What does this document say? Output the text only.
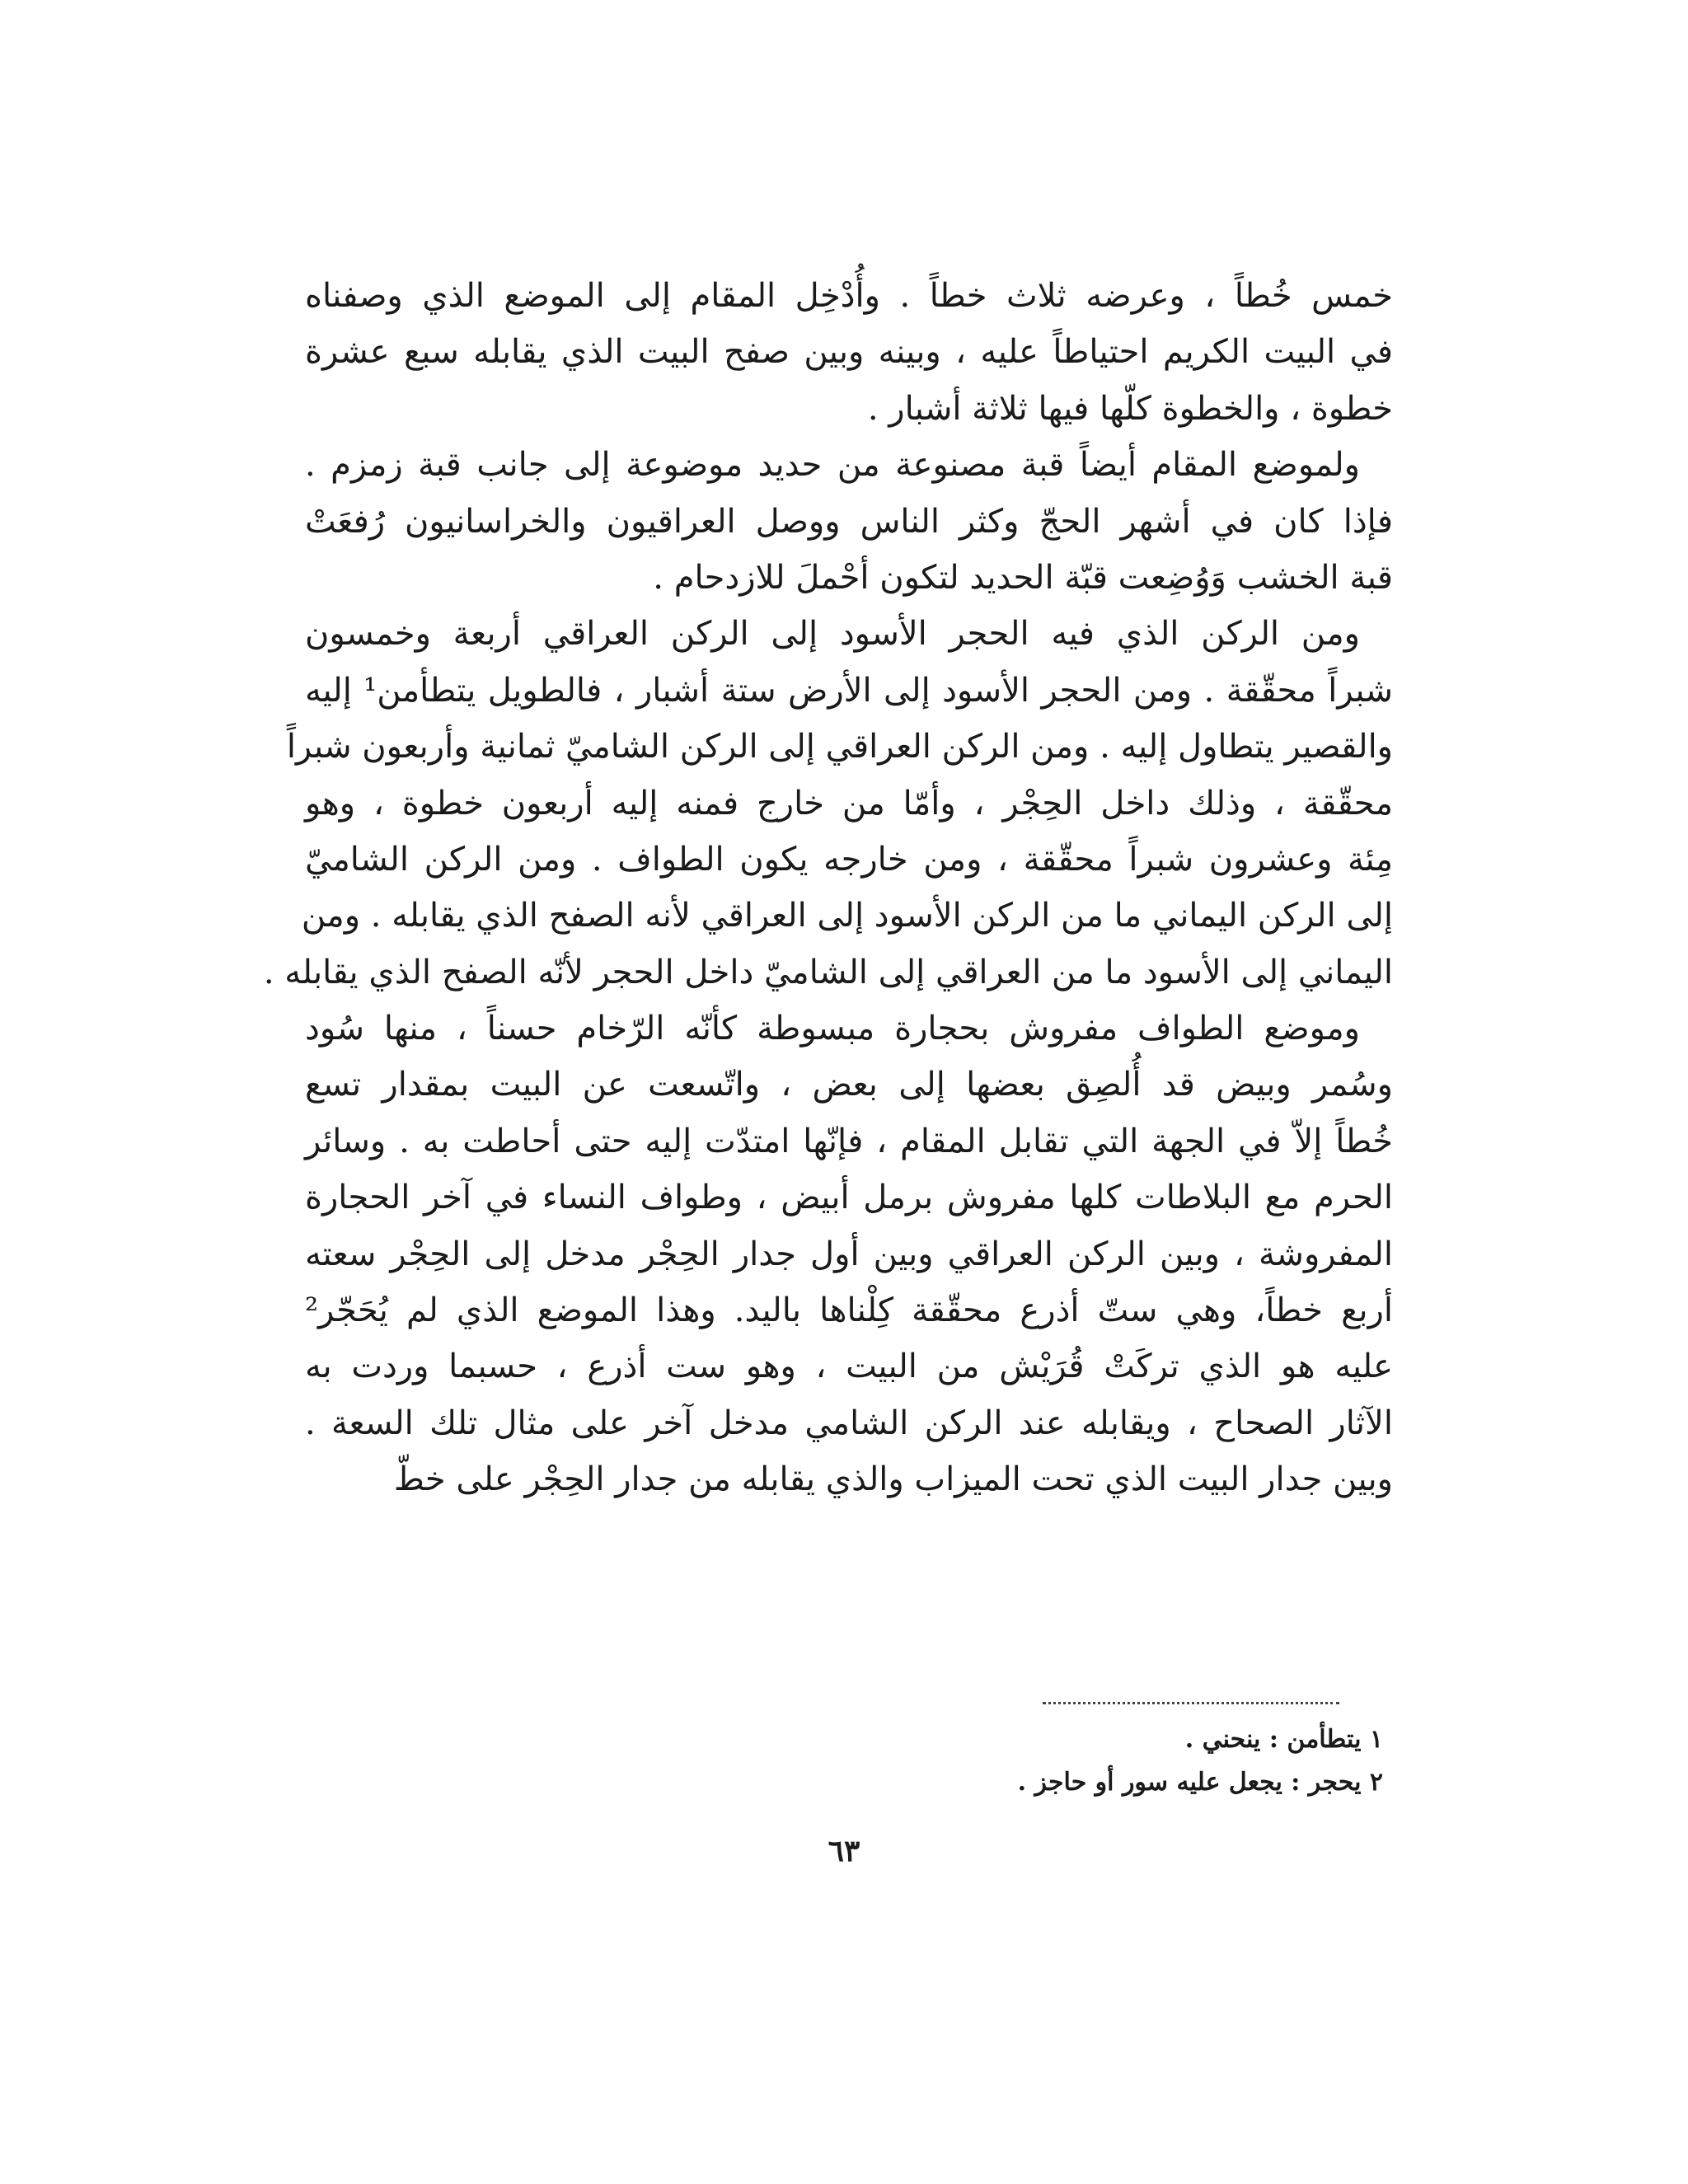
خمس خُطاً ، وعرضه ثلاث خطاً . وأُدْخِل المقام إلى الموضع الذي وصفناه
في البيت الكريم احتياطاً عليه ، وبينه وبين صفح البيت الذي يقابله سبع عشرة
خطوة ، والخطوة كلّها فيها ثلاثة أشبار .
ولموضع المقام أيضاً قبة مصنوعة من حديد موضوعة إلى جانب قبة زمزم .
فإذا كان في أشهر الحجّ وكثر الناس ووصل العراقيون والخراسانيون رُفعَتْ
قبة الخشب وَوُضِعت قبّة الحديد لتكون أحْملَ للازدحام .
ومن الركن الذي فيه الحجر الأسود إلى الركن العراقي أربعة وخمسون
شبراً محقّقة . ومن الحجر الأسود إلى الأرض ستة أشبار ، فالطويل يتطأمن¹ إليه
والقصير يتطاول إليه . ومن الركن العراقي إلى الركن الشاميّ ثمانية وأربعون شبراً
محقّقة ، وذلك داخل الحِجْر ، وأمّا من خارج فمنه إليه أربعون خطوة ، وهو
مِئة وعشرون شبراً محقّقة ، ومن خارجه يكون الطواف . ومن الركن الشاميّ
إلى الركن اليماني ما من الركن الأسود إلى العراقي لأنه الصفح الذي يقابله . ومن
اليماني إلى الأسود ما من العراقي إلى الشاميّ داخل الحجر لأنّه الصفح الذي يقابله .
وموضع الطواف مفروش بحجارة مبسوطة كأنّه الرّخام حسناً ، منها سُود
وسُمر وبيض قد أُلصِق بعضها إلى بعض ، واتّسعت عن البيت بمقدار تسع
خُطاً إلاّ في الجهة التي تقابل المقام ، فإنّها امتدّت إليه حتى أحاطت به . وسائر
الحرم مع البلاطات كلها مفروش برمل أبيض ، وطواف النساء في آخر الحجارة
المفروشة ، وبين الركن العراقي وبين أول جدار الحِجْر مدخل إلى الحِجْر سعته
أربع خطاً، وهي ستّ أذرع محقّقة كِلْناها باليد. وهذا الموضع الذي لم يُحَجّر²
عليه هو الذي تركَتْ قُرَيْش من البيت ، وهو ست أذرع ، حسبما وردت به
الآثار الصحاح ، ويقابله عند الركن الشامي مدخل آخر على مثال تلك السعة .
وبين جدار البيت الذي تحت الميزاب والذي يقابله من جدار الحِجْر على خطّ
١ يتطأمن : ينحني .
٢ يحجر : يجعل عليه سور أو حاجز .
٦٣
